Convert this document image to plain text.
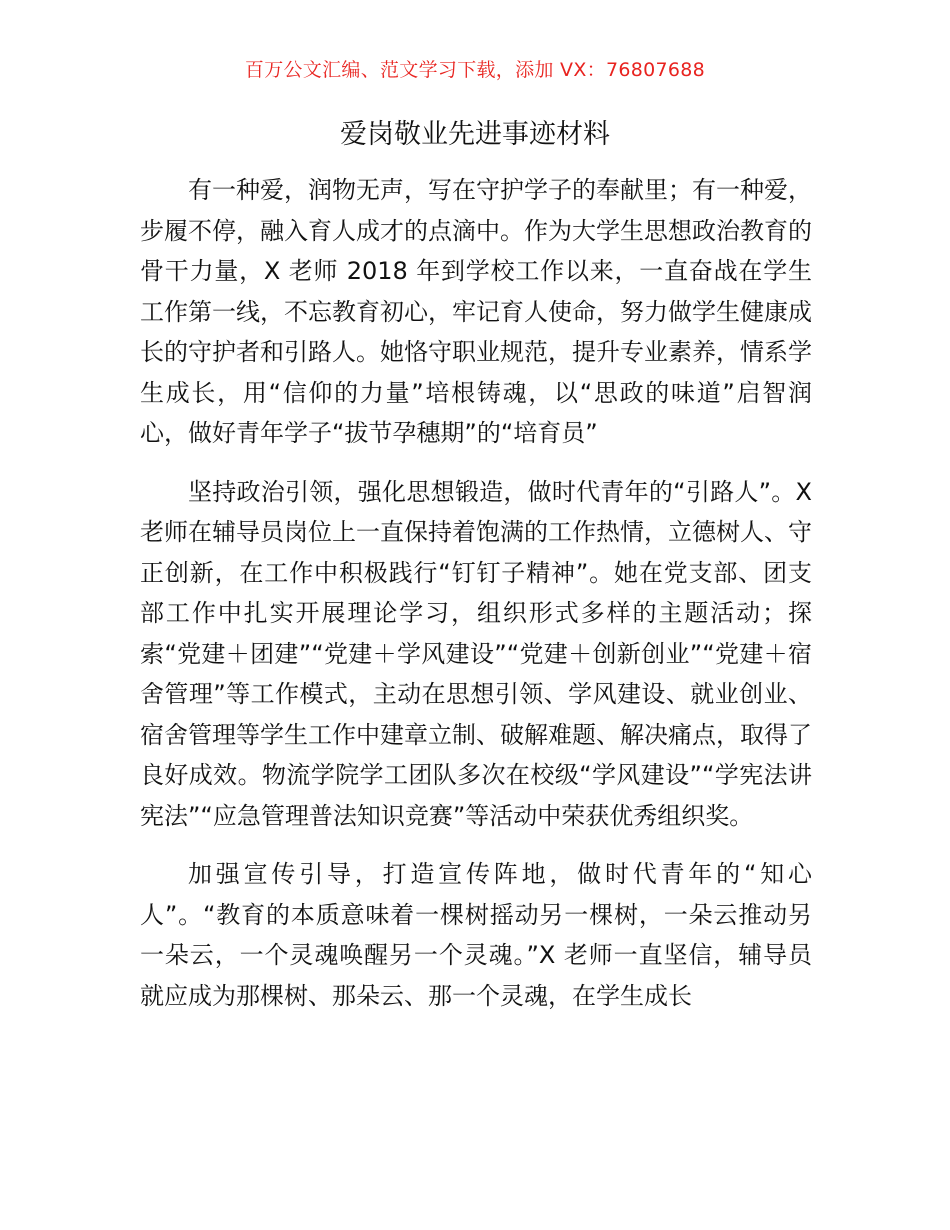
百万公文汇编、范文学习下载，添加 VX：76807688
爱岗敬业先进事迹材料

有一种爱，润物无声，写在守护学子的奉献里；有一种爱，步履不停，融入育人成才的点滴中。作为大学生思想政治教育的骨干力量，X 老师 2018 年到学校工作以来，一直奋战在学生工作第一线，不忘教育初心，牢记育人使命，努力做学生健康成长的守护者和引路人。她恪守职业规范，提升专业素养，情系学生成长，用“信仰的力量”培根铸魂，以“思政的味道”启智润心，做好青年学子“拔节孕穗期”的“培育员”

坚持政治引领，强化思想锻造，做时代青年的“引路人”。X 老师在辅导员岗位上一直保持着饱满的工作热情，立德树人、守正创新，在工作中积极践行“钉钉子精神”。她在党支部、团支部工作中扎实开展理论学习，组织形式多样的主题活动；探索“党建＋团建”“党建＋学风建设”“党建＋创新创业”“党建＋宿舍管理”等工作模式，主动在思想引领、学风建设、就业创业、宿舍管理等学生工作中建章立制、破解难题、解决痛点，取得了良好成效。物流学院学工团队多次在校级“学风建设”“学宪法讲宪法”“应急管理普法知识竞赛”等活动中荣获优秀组织奖。

加强宣传引导，打造宣传阵地，做时代青年的“知心人”。“教育的本质意味着一棵树摇动另一棵树，一朵云推动另一朵云，一个灵魂唤醒另一个灵魂。”X 老师一直坚信，辅导员就应成为那棵树、那朵云、那一个灵魂，在学生成长
